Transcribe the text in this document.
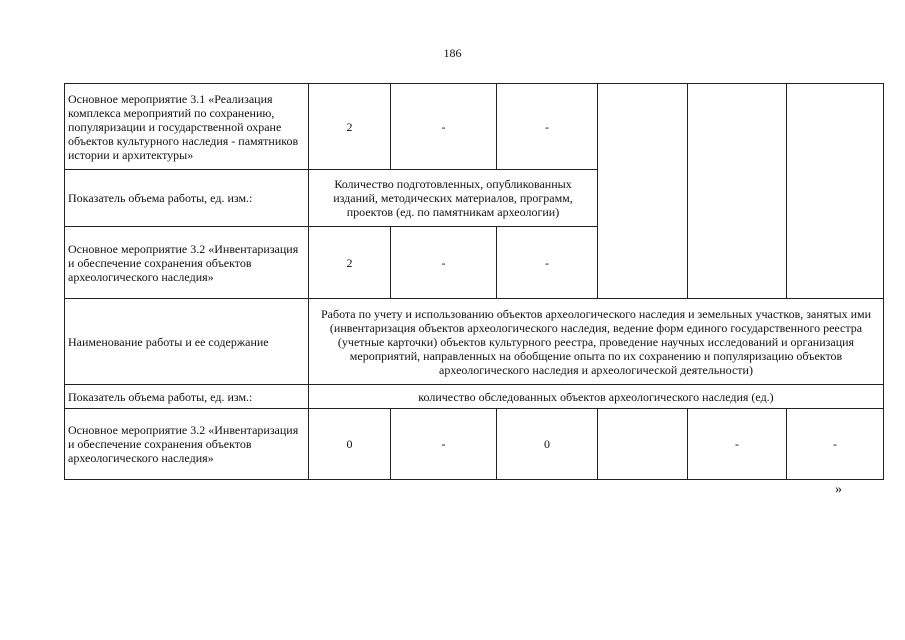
186
Основное мероприятие 3.1 «Реализация комплекса мероприятий по сохранению, популяризации и государственной охране объектов культурного наследия - памятников истории и архитектуры»	2	-	-			
Показатель объема работы, ед. изм.:	Количество подготовленных, опубликованных изданий, методических материалов, программ, проектов (ед. по памятникам археологии)					
Основное мероприятие 3.2 «Инвентаризация и обеспечение сохранения объектов археологического наследия»	2	-	-			
Наименование работы и ее содержание	Работа по учету и использованию объектов археологического наследия и земельных участков, занятых ими (инвентаризация объектов археологического наследия, ведение форм единого государственного реестра (учетные карточки) объектов культурного реестра, проведение научных исследований и организация мероприятий, направленных на обобщение опыта по их сохранению и популяризацию объектов археологического наследия и археологической деятельности)					
Показатель объема работы, ед. изм.:	количество обследованных объектов археологического наследия (ед.)					
Основное мероприятие 3.2 «Инвентаризация и обеспечение сохранения объектов археологического наследия»	0	-	0		-	-
»
